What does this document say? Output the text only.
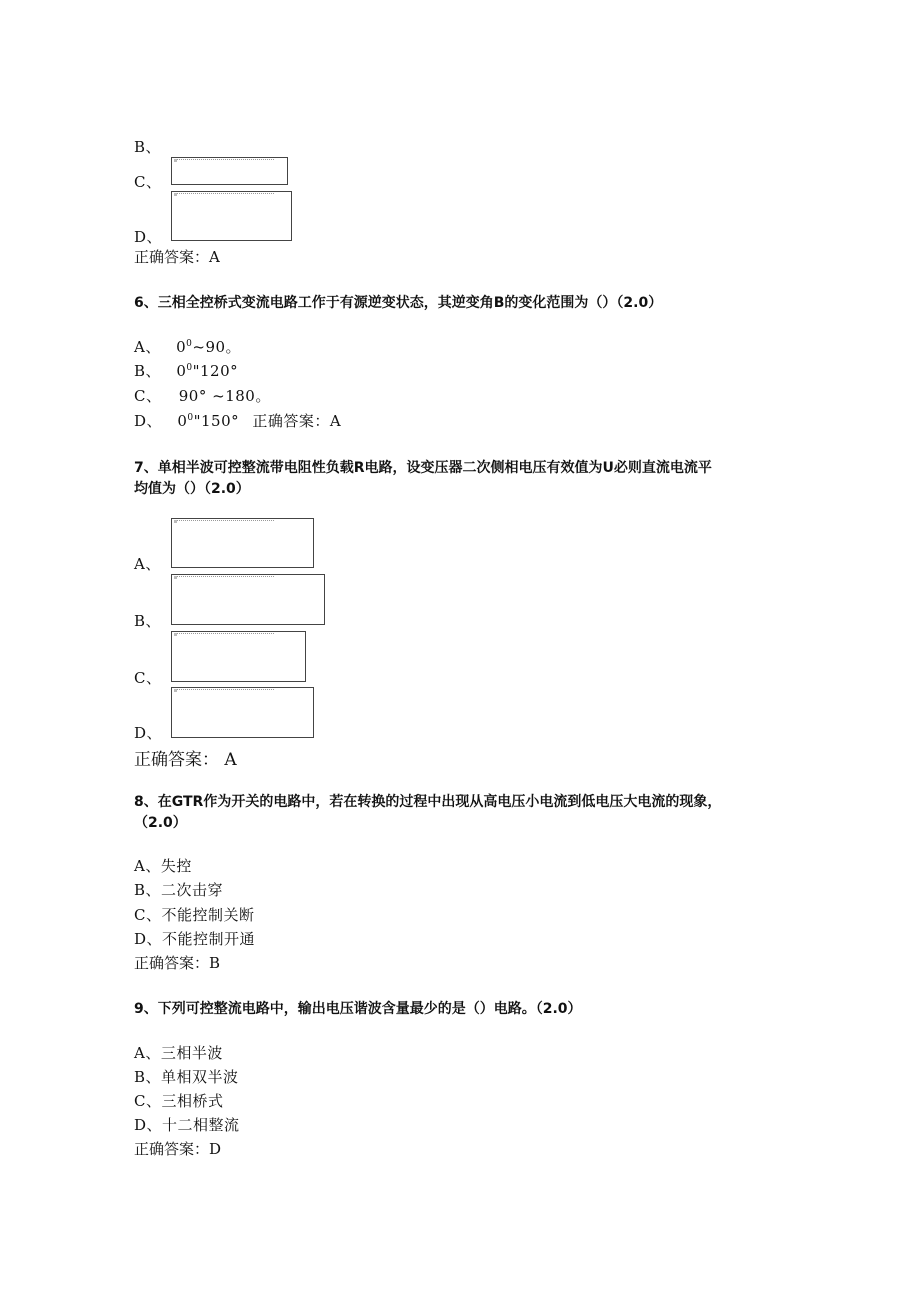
B、
C、
D、
正确答案：A
6、三相全控桥式变流电路工作于有源逆变状态，其逆变角B的变化范围为（）（2.0）
A、 $0^0\sim 90$。
B、 $0^0"120^\circ$
C、 90° ~180。
D、 $0^0"150^\circ$ 正确答案：A
7、单相半波可控整流带电阻性负载R电路，设变压器二次侧相电压有效值为U必则直流电流平
均值为（）（2.0）
A、
B、
C、
D、
正确答案： A
8、在GTR作为开关的电路中，若在转换的过程中出现从高电压小电流到低电压大电流的现象，
（2.0）
A、失控
B、二次击穿
C、不能控制关断
D、不能控制开通
正确答案：B
9、下列可控整流电路中，输出电压谐波含量最少的是（）电路。（2.0）
A、三相半波
B、单相双半波
C、三相桥式
D、十二相整流
正确答案：D
